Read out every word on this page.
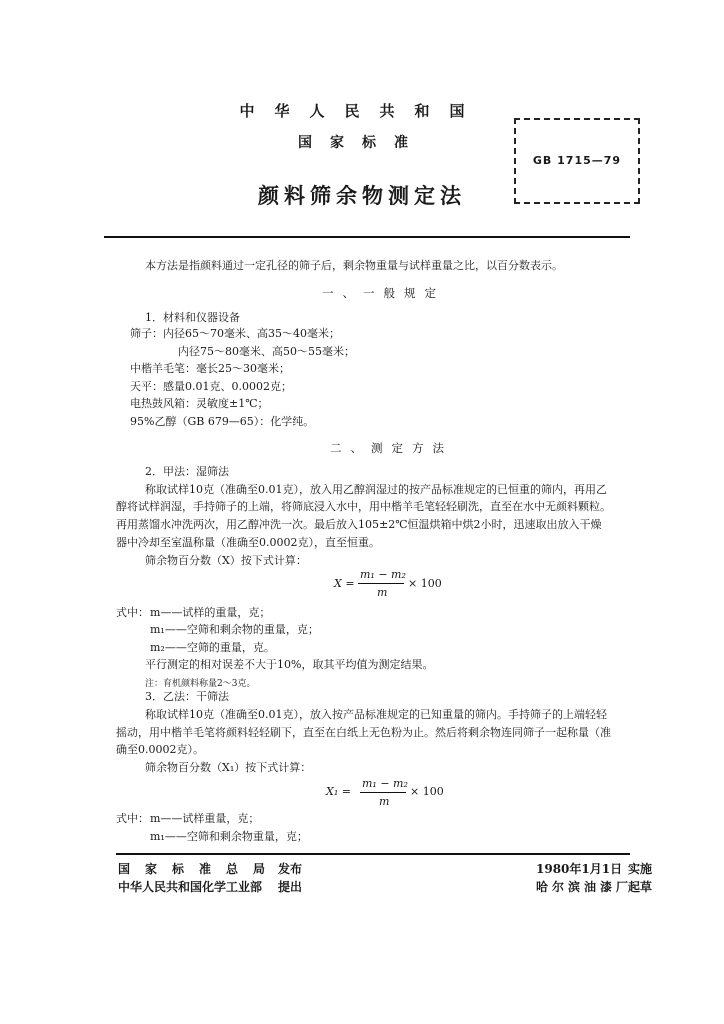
中华人民共和国
国家标准
颜料筛余物测定法
GB 1715—79
本方法是指颜料通过一定孔径的筛子后，剩余物重量与试样重量之比，以百分数表示。
一、一般规定
1．材料和仪器设备
筛子：内径65～70毫米、高35～40毫米；
内径75～80毫米、高50～55毫米；
中楷羊毛笔：毫长25～30毫米；
天平：感量0.01克、0.0002克；
电热鼓风箱：灵敏度±1℃；
95%乙醇（GB 679—65）：化学纯。
二、测定方法
2．甲法：湿筛法
称取试样10克（准确至0.01克），放入用乙醇润湿过的按产品标准规定的已恒重的筛内，再用乙
醇将试样润湿，手持筛子的上端，将筛底浸入水中，用中楷羊毛笔轻轻刷洗，直至在水中无颜料颗粒。
再用蒸馏水冲洗两次，用乙醇冲洗一次。最后放入105±2℃恒温烘箱中烘2小时，迅速取出放入干燥
器中冷却至室温称量（准确至0.0002克），直至恒重。
筛余物百分数（X）按下式计算：
X =
m₁ − m₂
m
× 100
式中： m——试样的重量，克；
m₁——空筛和剩余物的重量，克；
m₂——空筛的重量，克。
平行测定的相对误差不大于10%，取其平均值为测定结果。
注：育机颜料称量2～3克。
3．乙法：干筛法
称取试样10克（准确至0.01克），放入按产品标准规定的已知重量的筛内。手持筛子的上端轻轻
摇动，用中楷羊毛笔将颜料轻轻刷下，直至在白纸上无色粉为止。然后将剩余物连同筛子一起称量（准
确至0.0002克）。
筛余物百分数（X₁）按下式计算：
X₁ =
m₁ − m₂
m
× 100
式中： m——试样重量，克；
m₁——空筛和剩余物重量，克；
国家标准总局
发布
中华人民共和国化学工业部 提出
1980年1月1日 实施
哈尔滨油漆厂
起草
